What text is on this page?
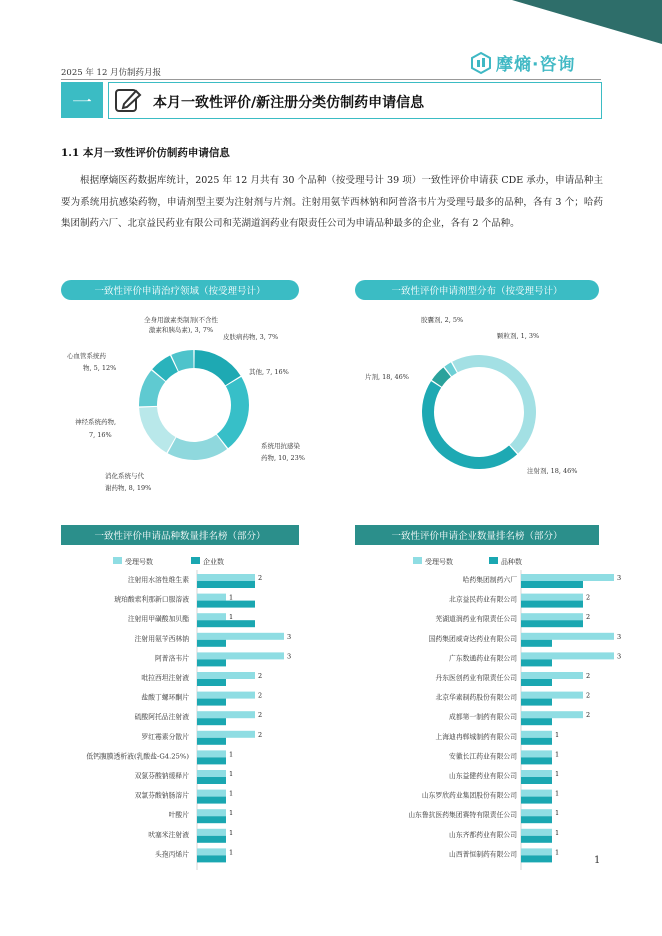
2025 年 12 月仿制药月报	摩熵·咨询
一	本月一致性评价/新注册分类仿制药申请信息
1.1 本月一致性评价仿制药申请信息
根据摩熵医药数据库统计，2025 年 12 月共有 30 个品种（按受理号计 39 项）一致性评价申请获 CDE 承办，申请品种主要为系统用抗感染药物，申请剂型主要为注射剂与片剂。注射用氨苄西林钠和阿普洛韦片为受理号最多的品种，各有 3 个；哈药集团制药六厂、北京益民药业有限公司和芜湖道润药业有限责任公司为申请品种最多的企业，各有 2 个品种。
一致性评价申请治疗领域（按受理号计）	一致性评价申请剂型分布（按受理号计）
一致性评价申请品种数量排名榜（部分）	一致性评价申请企业数量排名榜（部分）
全身用激素类制剂(不含性
激素和胰岛素), 3, 7%
皮肤病药物, 3, 7%
心血管系统药
物, 5, 12%	其他, 7, 16%
神经系统药物,
7, 16%
系统用抗感染
药物, 10, 23%
消化系统与代
谢药物, 8, 19%
胶囊剂, 2, 5%
颗粒剂, 1, 3%
片剂, 18, 46%
注射剂, 18, 46%
受理号数	企业数
注射用水溶性维生素	2
琥珀酸索利那新口服溶液	1
注射用甲磺酸加贝酯	1
注射用氨苄西林钠	3
阿普洛韦片	3
吡拉西坦注射液	2
盐酸丁螺环酮片	2
硫酸阿托品注射液	2
罗红霉素分散片	2
低钙腹膜透析液(乳酸盐-G4.25%)	1
双氯芬酸钠缓释片	1
双氯芬酸钠肠溶片	1
叶酸片	1
吠塞米注射液	1
头孢丙烯片	1
受理号数	品种数
哈药集团制药六厂	3
北京益民药业有限公司	2
芜湖道润药业有限责任公司	2
国药集团威奇达药业有限公司	3
广东数通药业有限公司	3
丹东医创药业有限责任公司	2
北京华素制药股份有限公司	2
成都第一制药有限公司	2
上海迪冉郸城制药有限公司	1
安徽长江药业有限公司	1
山东益健药业有限公司	1
山东罗欣药业集团股份有限公司	1
山东鲁抗医药集团赛特有限责任公司	1
山东齐都药业有限公司	1
山西普恒制药有限公司	1
1
